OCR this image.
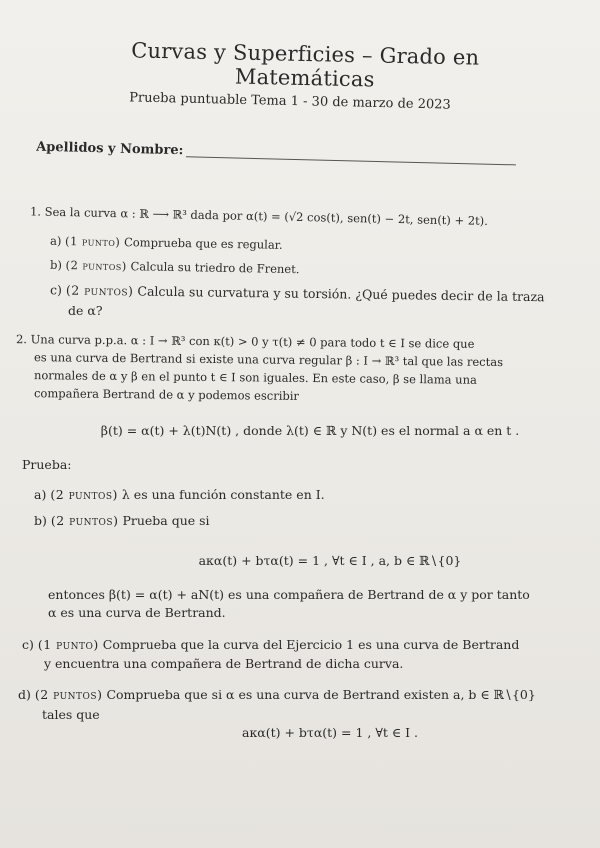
Curvas y Superficies – Grado en Matemáticas
Prueba puntuable Tema 1 - 30 de marzo de 2023
Apellidos y Nombre:
1. Sea la curva α : ℝ ⟶ ℝ³ dada por α(t) = (√2 cos(t), sen(t) − 2t, sen(t) + 2t).
a) (1 punto) Comprueba que es regular.
b) (2 puntos) Calcula su triedro de Frenet.
c) (2 puntos) Calcula su curvatura y su torsión. ¿Qué puedes decir de la traza
de α?
2. Una curva p.p.a. α : I → ℝ³ con κ(t) > 0 y τ(t) ≠ 0 para todo t ∈ I se dice que
es una curva de Bertrand si existe una curva regular β : I → ℝ³ tal que las rectas
normales de α y β en el punto t ∈ I son iguales. En este caso, β se llama una
compañera Bertrand de α y podemos escribir
β(t) = α(t) + λ(t)N(t) , donde λ(t) ∈ ℝ y N(t) es el normal a α en t .
Prueba:
a) (2 puntos) λ es una función constante en I.
b) (2 puntos) Prueba que si
aκα(t) + bτα(t) = 1 , ∀t ∈ I , a, b ∈ ℝ∖{0}
entonces β(t) = α(t) + aN(t) es una compañera de Bertrand de α y por tanto
α es una curva de Bertrand.
c) (1 punto) Comprueba que la curva del Ejercicio 1 es una curva de Bertrand
y encuentra una compañera de Bertrand de dicha curva.
d) (2 puntos) Comprueba que si α es una curva de Bertrand existen a, b ∈ ℝ∖{0}
tales que
aκα(t) + bτα(t) = 1 , ∀t ∈ I .
